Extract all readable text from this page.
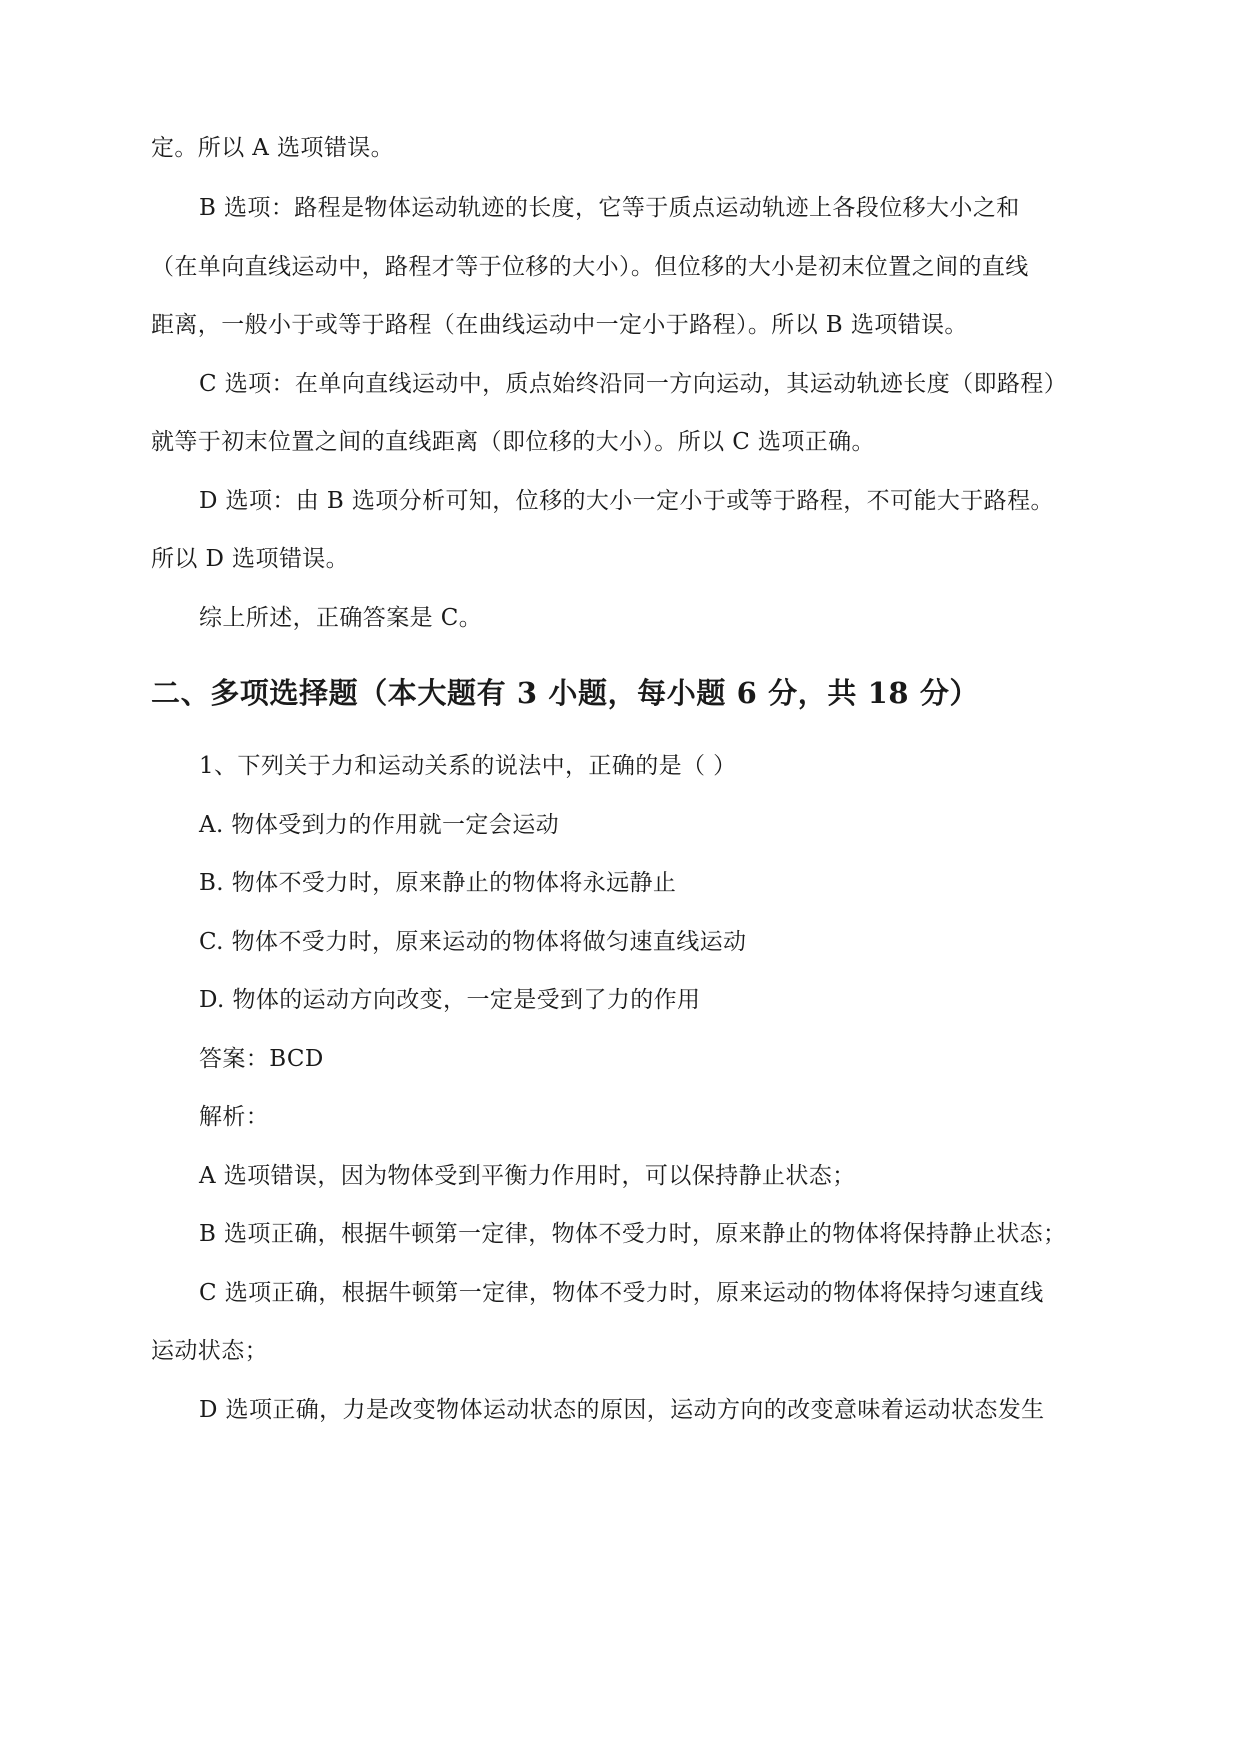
定。所以 A 选项错误。
B 选项：路程是物体运动轨迹的长度，它等于质点运动轨迹上各段位移大小之和
（在单向直线运动中，路程才等于位移的大小）。但位移的大小是初末位置之间的直线
距离，一般小于或等于路程（在曲线运动中一定小于路程）。所以 B 选项错误。
C 选项：在单向直线运动中，质点始终沿同一方向运动，其运动轨迹长度（即路程）
就等于初末位置之间的直线距离（即位移的大小）。所以 C 选项正确。
D 选项：由 B 选项分析可知，位移的大小一定小于或等于路程，不可能大于路程。
所以 D 选项错误。
综上所述，正确答案是 C。
二、多项选择题（本大题有 3 小题，每小题 6 分，共 18 分）
1、下列关于力和运动关系的说法中，正确的是（ ）
A. 物体受到力的作用就一定会运动
B. 物体不受力时，原来静止的物体将永远静止
C. 物体不受力时，原来运动的物体将做匀速直线运动
D. 物体的运动方向改变，一定是受到了力的作用
答案：BCD
解析：
A 选项错误，因为物体受到平衡力作用时，可以保持静止状态；
B 选项正确，根据牛顿第一定律，物体不受力时，原来静止的物体将保持静止状态；
C 选项正确，根据牛顿第一定律，物体不受力时，原来运动的物体将保持匀速直线
运动状态；
D 选项正确，力是改变物体运动状态的原因，运动方向的改变意味着运动状态发生
